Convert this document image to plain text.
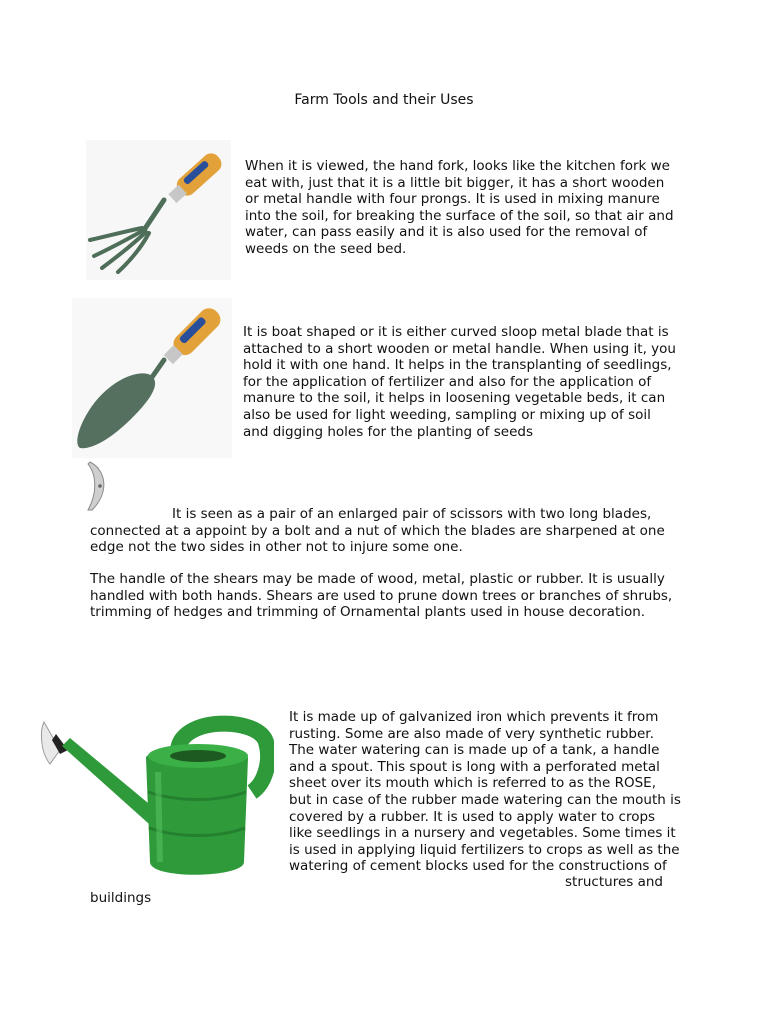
Farm Tools and their Uses

When it is viewed, the hand fork, looks like the kitchen fork we eat with, just that it is a little bit bigger, it has a short wooden or metal handle with four prongs. It is used in mixing manure into the soil, for breaking the surface of the soil, so that air and water, can pass easily and it is also used for the removal of weeds on the seed bed.

It is boat shaped or it is either curved sloop metal blade that is attached to a short wooden or metal handle. When using it, you hold it with one hand. It helps in the transplanting of seedlings, for the application of fertilizer and also for the application of manure to the soil, it helps in loosening vegetable beds, it can also be used for light weeding, sampling or mixing up of soil and digging holes for the planting of seeds

It is seen as a pair of an enlarged pair of scissors with two long blades, connected at a appoint by a bolt and a nut of which the blades are sharpened at one edge not the two sides in other not to injure some one.

The handle of the shears may be made of wood, metal, plastic or rubber. It is usually handled with both hands. Shears are used to prune down trees or branches of shrubs, trimming of hedges and trimming of Ornamental plants used in house decoration.

It is made up of galvanized iron which prevents it from rusting. Some are also made of very synthetic rubber. The water watering can is made up of a tank, a handle and a spout. This spout is long with a perforated metal sheet over its mouth which is referred to as the ROSE, but in case of the rubber made watering can the mouth is covered by a rubber. It is used to apply water to crops like seedlings in a nursery and vegetables. Some times it is used in applying liquid fertilizers to crops as well as the watering of cement blocks used for the constructions of

structures and
buildings
